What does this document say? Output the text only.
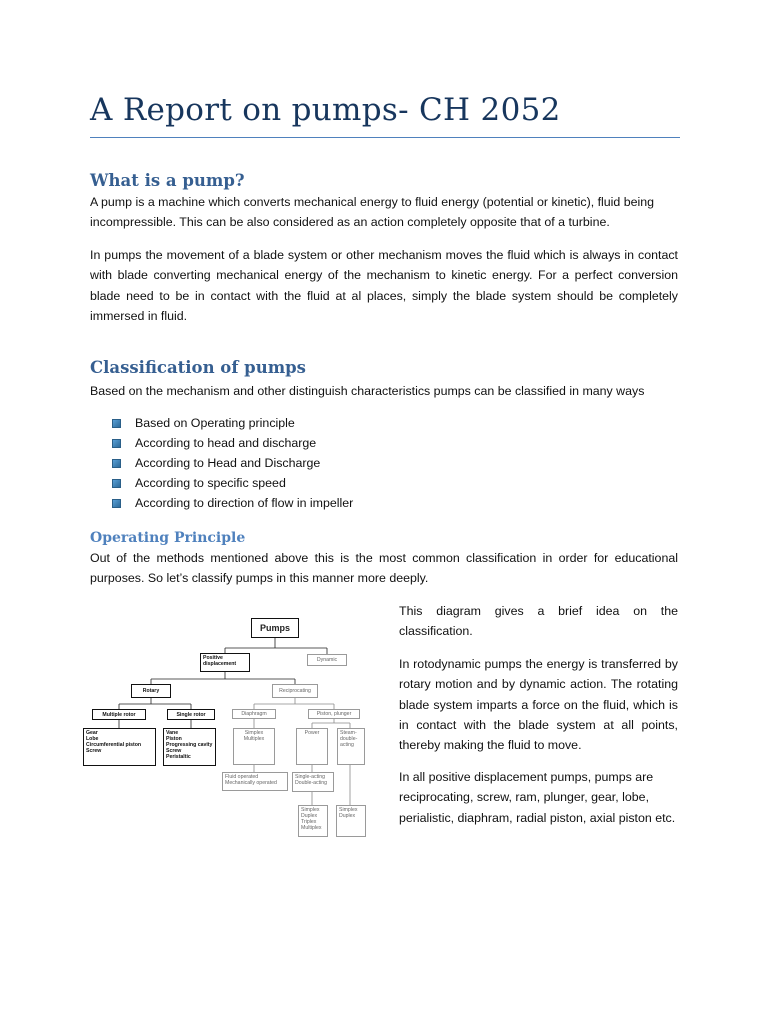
A Report on pumps- CH 2052
What is a pump?

A pump is a machine which converts mechanical energy to fluid energy (potential or kinetic), fluid being
incompressible. This can be also considered as an action completely opposite that of a turbine.

In pumps the movement of a blade system or other mechanism moves the fluid which is always in contact with blade converting mechanical energy of the mechanism to kinetic energy. For a perfect conversion blade need to be in contact with the fluid at al places, simply the blade system should be completely immersed in fluid.

Classification of pumps

Based on the mechanism and other distinguish characteristics pumps can be classified in many ways

Based on Operating principle
According to head and discharge
According to Head and Discharge
According to specific speed
According to direction of flow in impeller
Operating Principle

Out of the methods mentioned above this is the most common classification in order for educational purposes. So let’s classify pumps in this manner more deeply.

This diagram gives a brief idea on the classification.

In rotodynamic pumps the energy is transferred by rotary motion and by dynamic action. The rotating blade system imparts a force on the fluid, which is in contact with the blade system at all points, thereby making the fluid to move.

In all positive displacement pumps, pumps are reciprocating, screw, ram, plunger, gear, lobe, perialistic, diaphram, radial piston, axial piston etc.

Pumps
Positive displacement
Dynamic
Rotary	Reciprocating
Multiple rotor	Single rotor	Diaphragm	Piston, plunger
Gear
Lobe
Circumferential piston
Screw
Vane
Piston
Progressing cavity
Screw
Peristaltic
Simplex
Multiplex
Power	Steam-
double-
acting
Fluid operated
Mechanically operated
Single-acting
Double-acting
Simplex
Duplex
Triplex
Multiplex
Simplex
Duplex
